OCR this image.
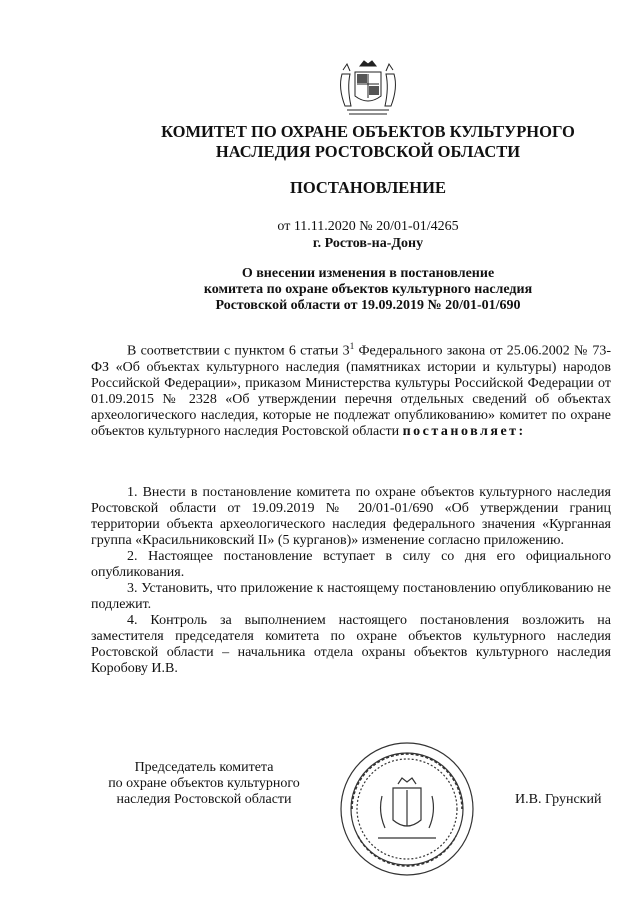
КОМИТЕТ ПО ОХРАНЕ ОБЪЕКТОВ КУЛЬТУРНОГО
НАСЛЕДИЯ РОСТОВСКОЙ ОБЛАСТИ
ПОСТАНОВЛЕНИЕ
от 11.11.2020 № 20/01-01/4265
г. Ростов-на-Дону
О внесении изменения в постановление
комитета по охране объектов культурного наследия
Ростовской области от 19.09.2019 № 20/01-01/690

В соответствии с пунктом 6 статьи $3^1$ Федерального закона от 25.06.2002 № 73-ФЗ «Об объектах культурного наследия (памятниках истории и культуры) народов Российской Федерации», приказом Министерства культуры Российской Федерации от 01.09.2015 № 2328 «Об утверждении перечня отдельных сведений об объектах археологического наследия, которые не подлежат опубликованию» комитет по охране объектов культурного наследия Ростовской области постановляет:

1. Внести в постановление комитета по охране объектов культурного наследия Ростовской области от 19.09.2019 № 20/01-01/690 «Об утверждении границ территории объекта археологического наследия федерального значения «Курганная группа «Красильниковский II» (5 курганов)» изменение согласно приложению.

2. Настоящее постановление вступает в силу со дня его официального опубликования.

3. Установить, что приложение к настоящему постановлению опубликованию не подлежит.

4. Контроль за выполнением настоящего постановления возложить на заместителя председателя комитета по охране объектов культурного наследия Ростовской области – начальника отдела охраны объектов культурного наследия Коробову И.В.

Председатель комитета
по охране объектов культурного
наследия Ростовской области	И.В. Грунский
